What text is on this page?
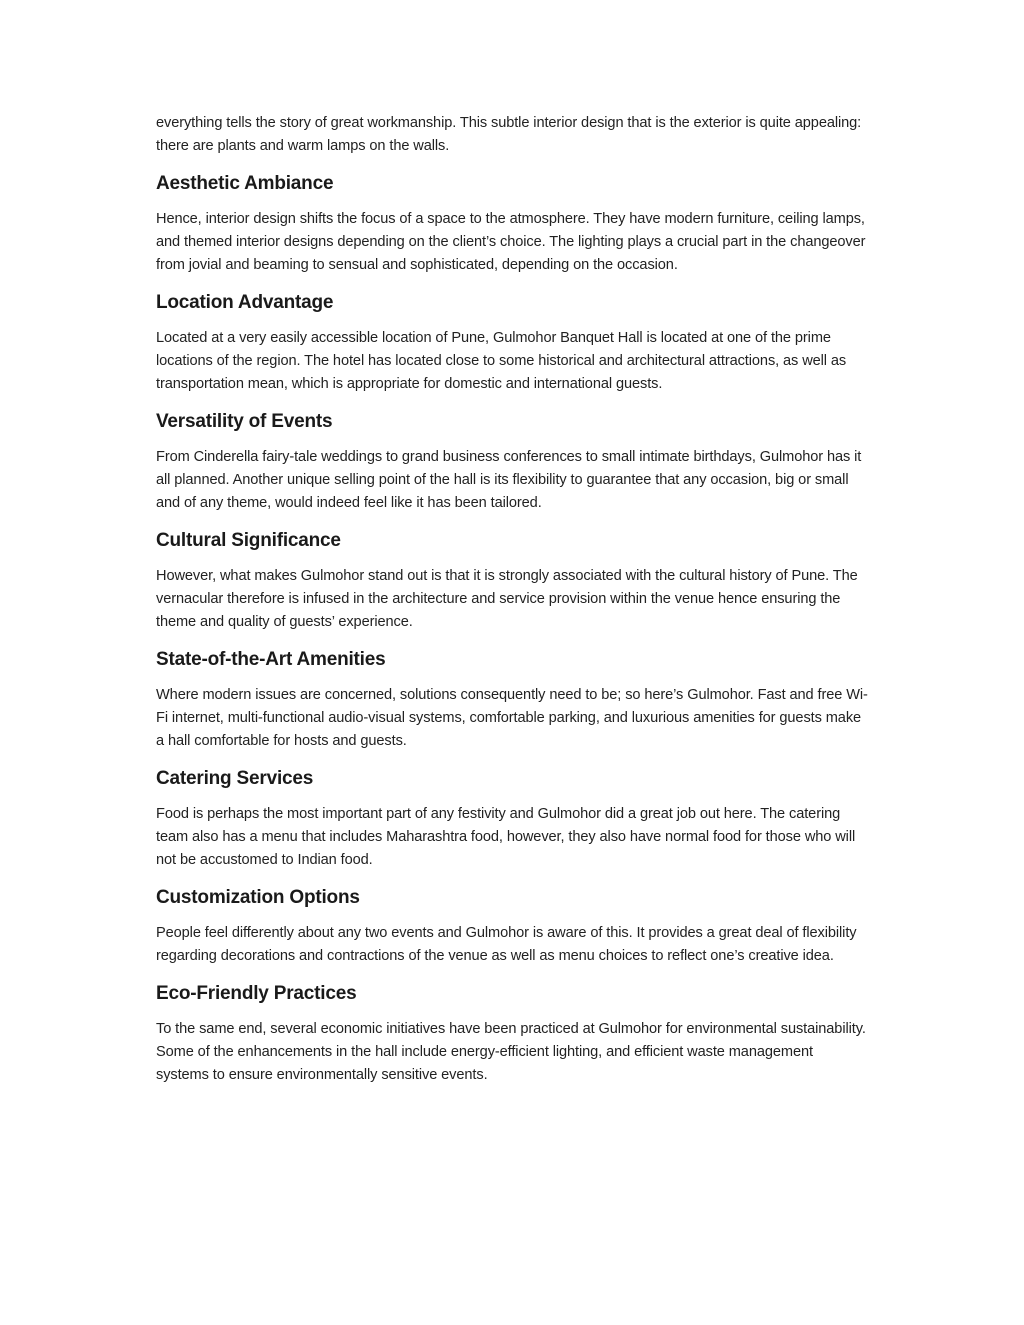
everything tells the story of great workmanship. This subtle interior design that is the exterior is quite appealing: there are plants and warm lamps on the walls.

Aesthetic Ambiance

Hence, interior design shifts the focus of a space to the atmosphere. They have modern furniture, ceiling lamps, and themed interior designs depending on the client’s choice. The lighting plays a crucial part in the changeover from jovial and beaming to sensual and sophisticated, depending on the occasion.

Location Advantage

Located at a very easily accessible location of Pune, Gulmohor Banquet Hall is located at one of the prime locations of the region. The hotel has located close to some historical and architectural attractions, as well as transportation mean, which is appropriate for domestic and international guests.

Versatility of Events

From Cinderella fairy-tale weddings to grand business conferences to small intimate birthdays, Gulmohor has it all planned. Another unique selling point of the hall is its flexibility to guarantee that any occasion, big or small and of any theme, would indeed feel like it has been tailored.

Cultural Significance

However, what makes Gulmohor stand out is that it is strongly associated with the cultural history of Pune. The vernacular therefore is infused in the architecture and service provision within the venue hence ensuring the theme and quality of guests’ experience.

State-of-the-Art Amenities

Where modern issues are concerned, solutions consequently need to be; so here’s Gulmohor. Fast and free Wi-Fi internet, multi-functional audio-visual systems, comfortable parking, and luxurious amenities for guests make a hall comfortable for hosts and guests.

Catering Services

Food is perhaps the most important part of any festivity and Gulmohor did a great job out here. The catering team also has a menu that includes Maharashtra food, however, they also have normal food for those who will not be accustomed to Indian food.

Customization Options

People feel differently about any two events and Gulmohor is aware of this. It provides a great deal of flexibility regarding decorations and contractions of the venue as well as menu choices to reflect one’s creative idea.

Eco-Friendly Practices

To the same end, several economic initiatives have been practiced at Gulmohor for environmental sustainability. Some of the enhancements in the hall include energy-efficient lighting, and efficient waste management systems to ensure environmentally sensitive events.
